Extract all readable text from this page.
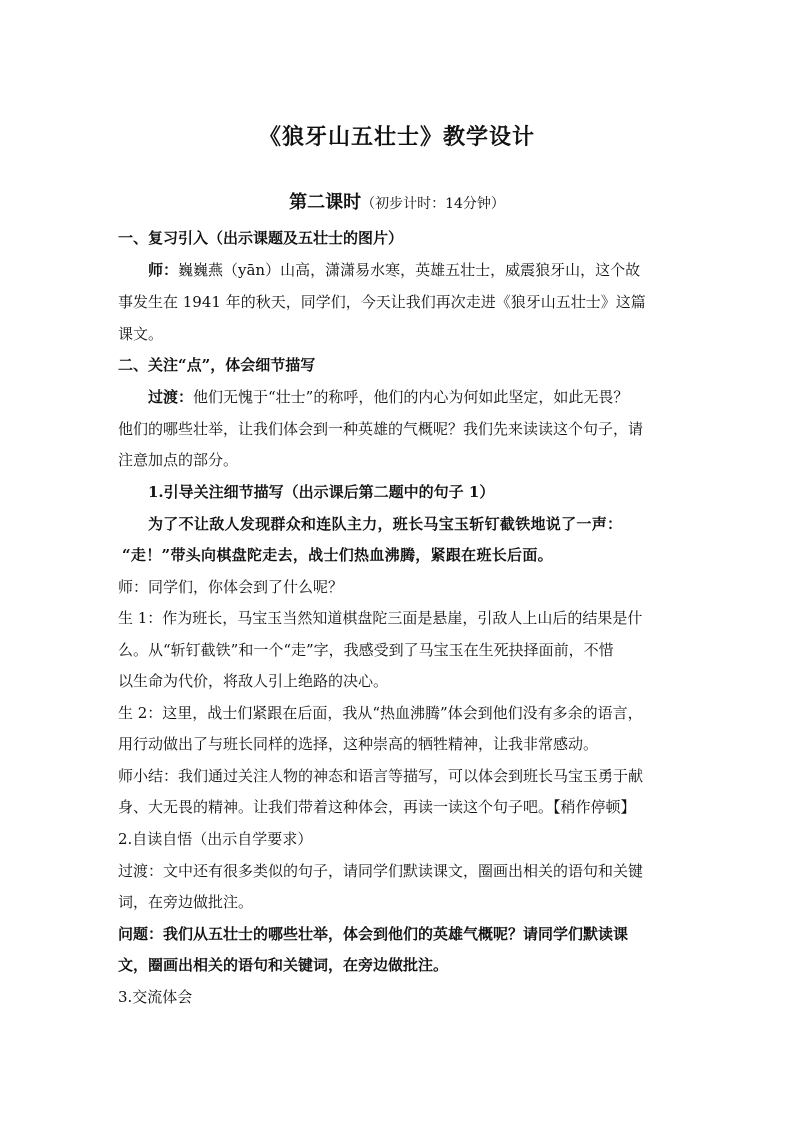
《狼牙山五壮士》教学设计
第二课时（初步计时：14分钟）
一、复习引入（出示课题及五壮士的图片）
师：巍巍燕（yān）山高，潇潇易水寒，英雄五壮士，威震狼牙山，这个故
事发生在 1941 年的秋天，同学们，今天让我们再次走进《狼牙山五壮士》这篇
课文。
二、关注“点”，体会细节描写
过渡：他们无愧于“壮士”的称呼，他们的内心为何如此坚定，如此无畏？
他们的哪些壮举，让我们体会到一种英雄的气概呢？我们先来读读这个句子，请
注意加点的部分。
1.引导关注细节描写（出示课后第二题中的句子 1）
为了不让敌人发现群众和连队主力，班长马宝玉斩钉截铁地说了一声：
“走！”带头向棋盘陀走去，战士们热血沸腾，紧跟在班长后面。
师：同学们，你体会到了什么呢？
生 1：作为班长，马宝玉当然知道棋盘陀三面是悬崖，引敌人上山后的结果是什
么。从“斩钉截铁”和一个“走”字，我感受到了马宝玉在生死抉择面前，不惜
以生命为代价，将敌人引上绝路的决心。
生 2：这里，战士们紧跟在后面，我从“热血沸腾”体会到他们没有多余的语言，
用行动做出了与班长同样的选择，这种崇高的牺牲精神，让我非常感动。
师小结：我们通过关注人物的神态和语言等描写，可以体会到班长马宝玉勇于献
身、大无畏的精神。让我们带着这种体会，再读一读这个句子吧。【稍作停顿】
2.自读自悟（出示自学要求）
过渡：文中还有很多类似的句子，请同学们默读课文，圈画出相关的语句和关键
词，在旁边做批注。
问题：我们从五壮士的哪些壮举，体会到他们的英雄气概呢？请同学们默读课
文，圈画出相关的语句和关键词，在旁边做批注。
3.交流体会
